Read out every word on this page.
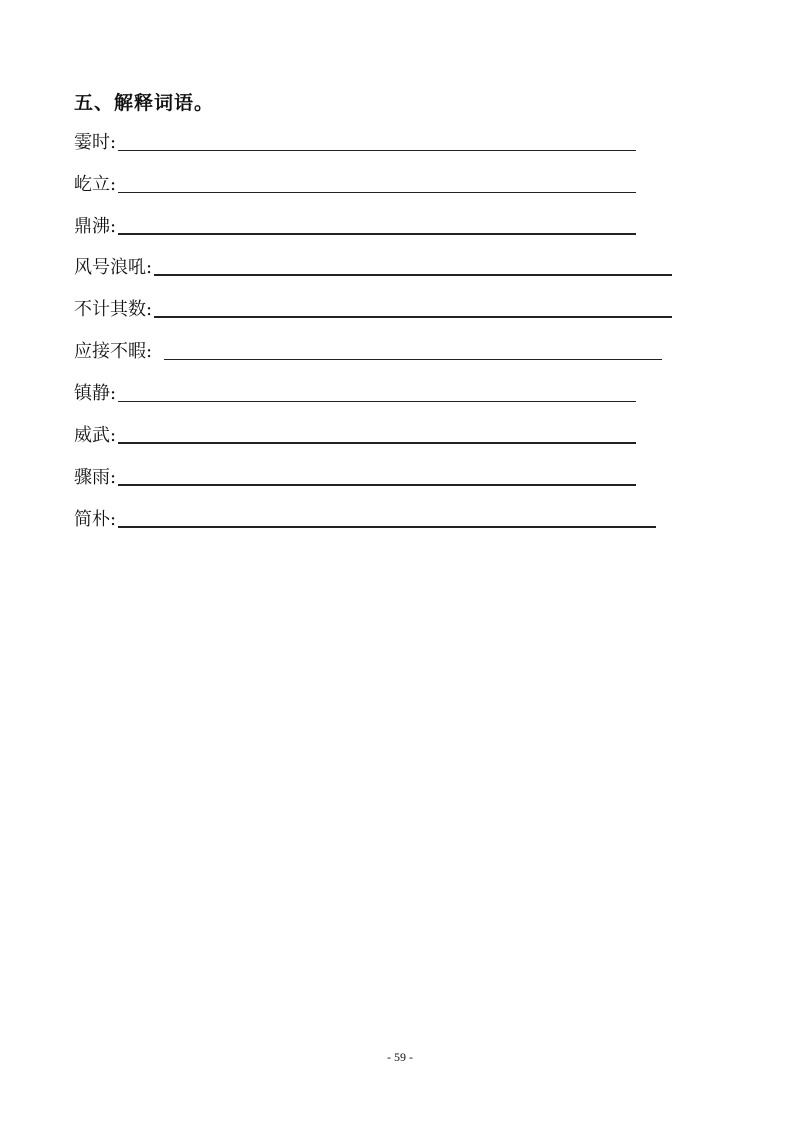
五、解释词语。
霎时 :
屹立 :
鼎沸 :
风号浪吼 :
不计其数 :
应接不暇 :
镇静 :
威武 :
骤雨 :
简朴 :
- 59 -
